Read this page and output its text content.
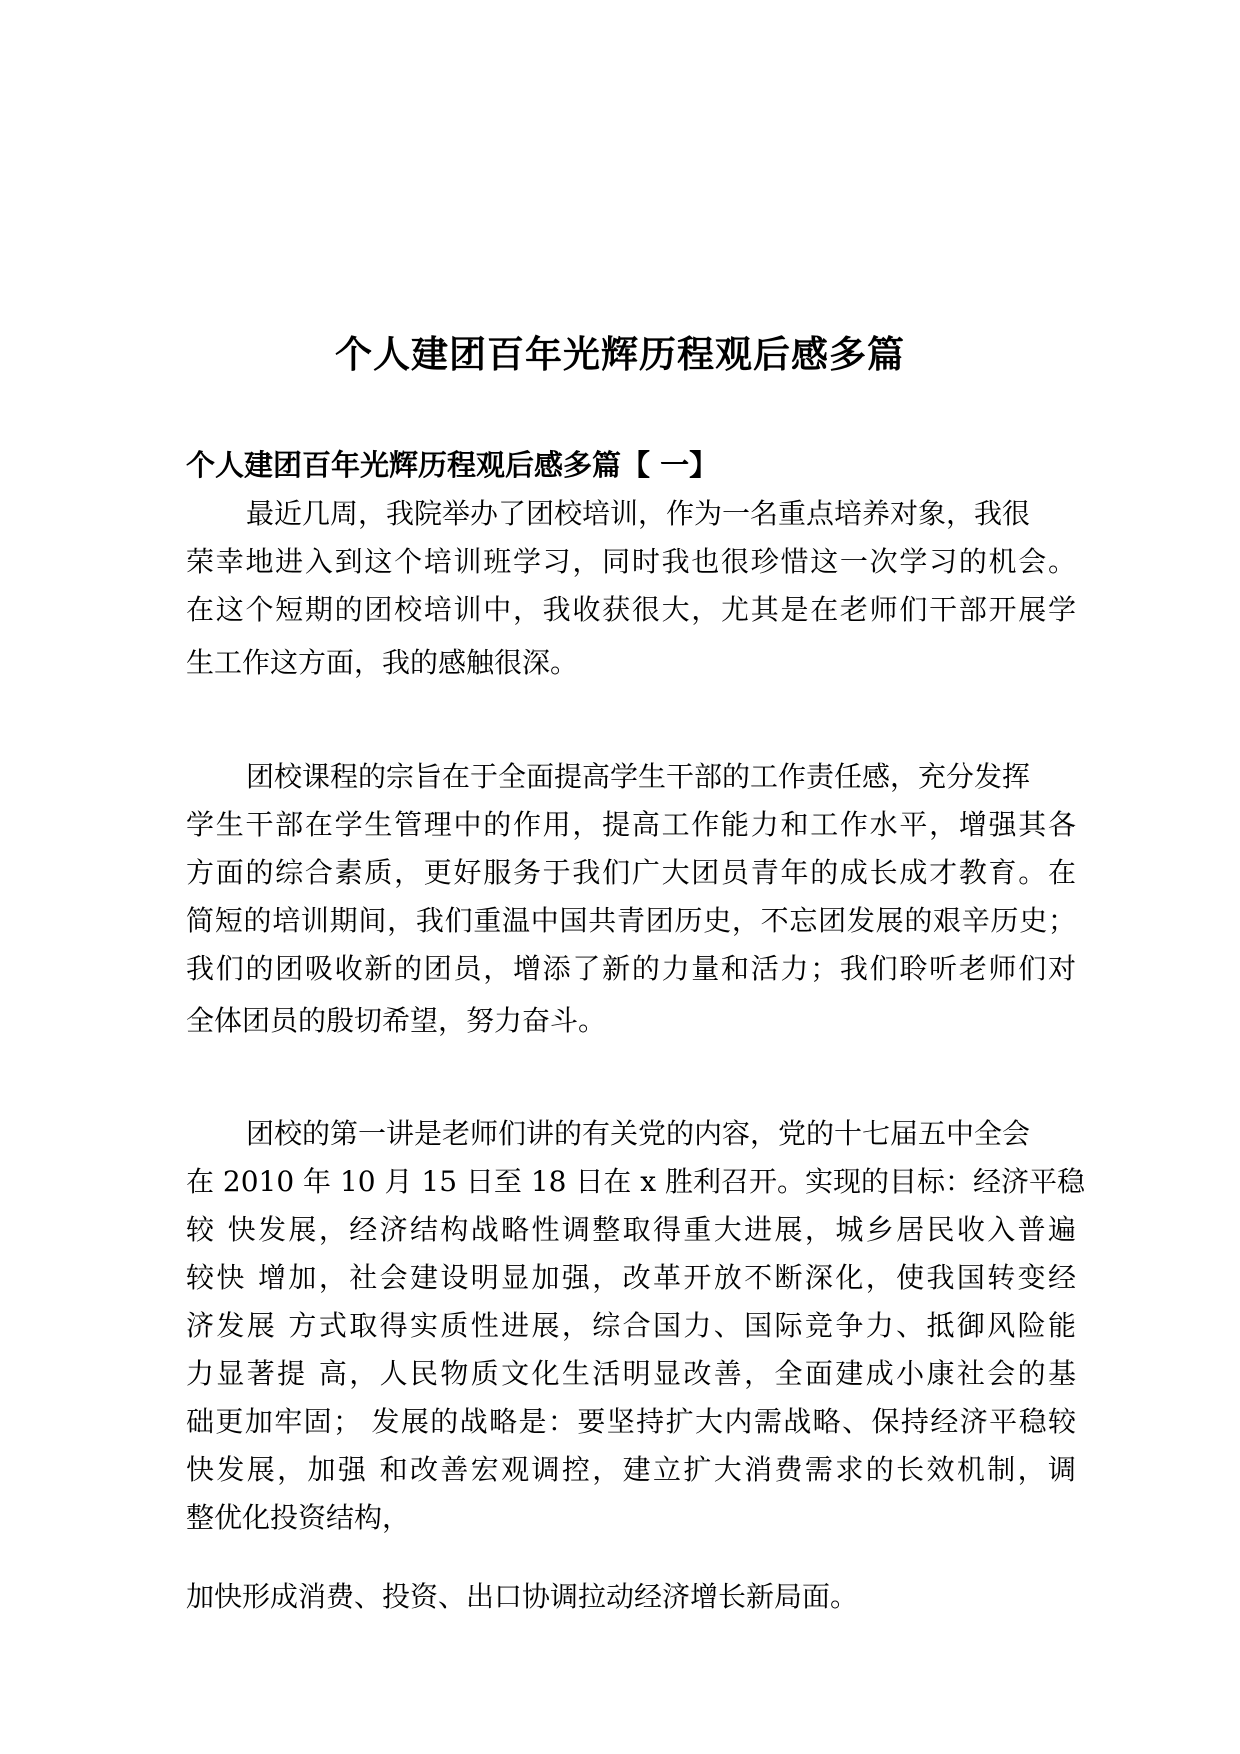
个人建团百年光辉历程观后感多篇
个人建团百年光辉历程观后感多篇【 一】

最近几周，我院举办了团校培训，作为一名重点培养对象，我很

荣幸地进入到这个培训班学习，同时我也很珍惜这一次学习的机会。

在这个短期的团校培训中，我收获很大，尤其是在老师们干部开展学

生工作这方面，我的感触很深。

团校课程的宗旨在于全面提高学生干部的工作责任感，充分发挥

学生干部在学生管理中的作用，提高工作能力和工作水平，增强其各

方面的综合素质，更好服务于我们广大团员青年的成长成才教育。在

简短的培训期间，我们重温中国共青团历史，不忘团发展的艰辛历史；

我们的团吸收新的团员，增添了新的力量和活力；我们聆听老师们对

全体团员的殷切希望，努力奋斗。

团校的第一讲是老师们讲的有关党的内容，党的十七届五中全会

在 2010 年 10 月 15 日至 18 日在 x 胜利召开。实现的目标：经济平稳

较 快发展，经济结构战略性调整取得重大进展，城乡居民收入普遍

较快 增加，社会建设明显加强，改革开放不断深化，使我国转变经

济发展 方式取得实质性进展，综合国力、国际竞争力、抵御风险能

力显著提 高，人民物质文化生活明显改善，全面建成小康社会的基

础更加牢固； 发展的战略是：要坚持扩大内需战略、保持经济平稳较

快发展，加强 和改善宏观调控，建立扩大消费需求的长效机制，调

整优化投资结构，

加快形成消费、投资、出口协调拉动经济增长新局面。
